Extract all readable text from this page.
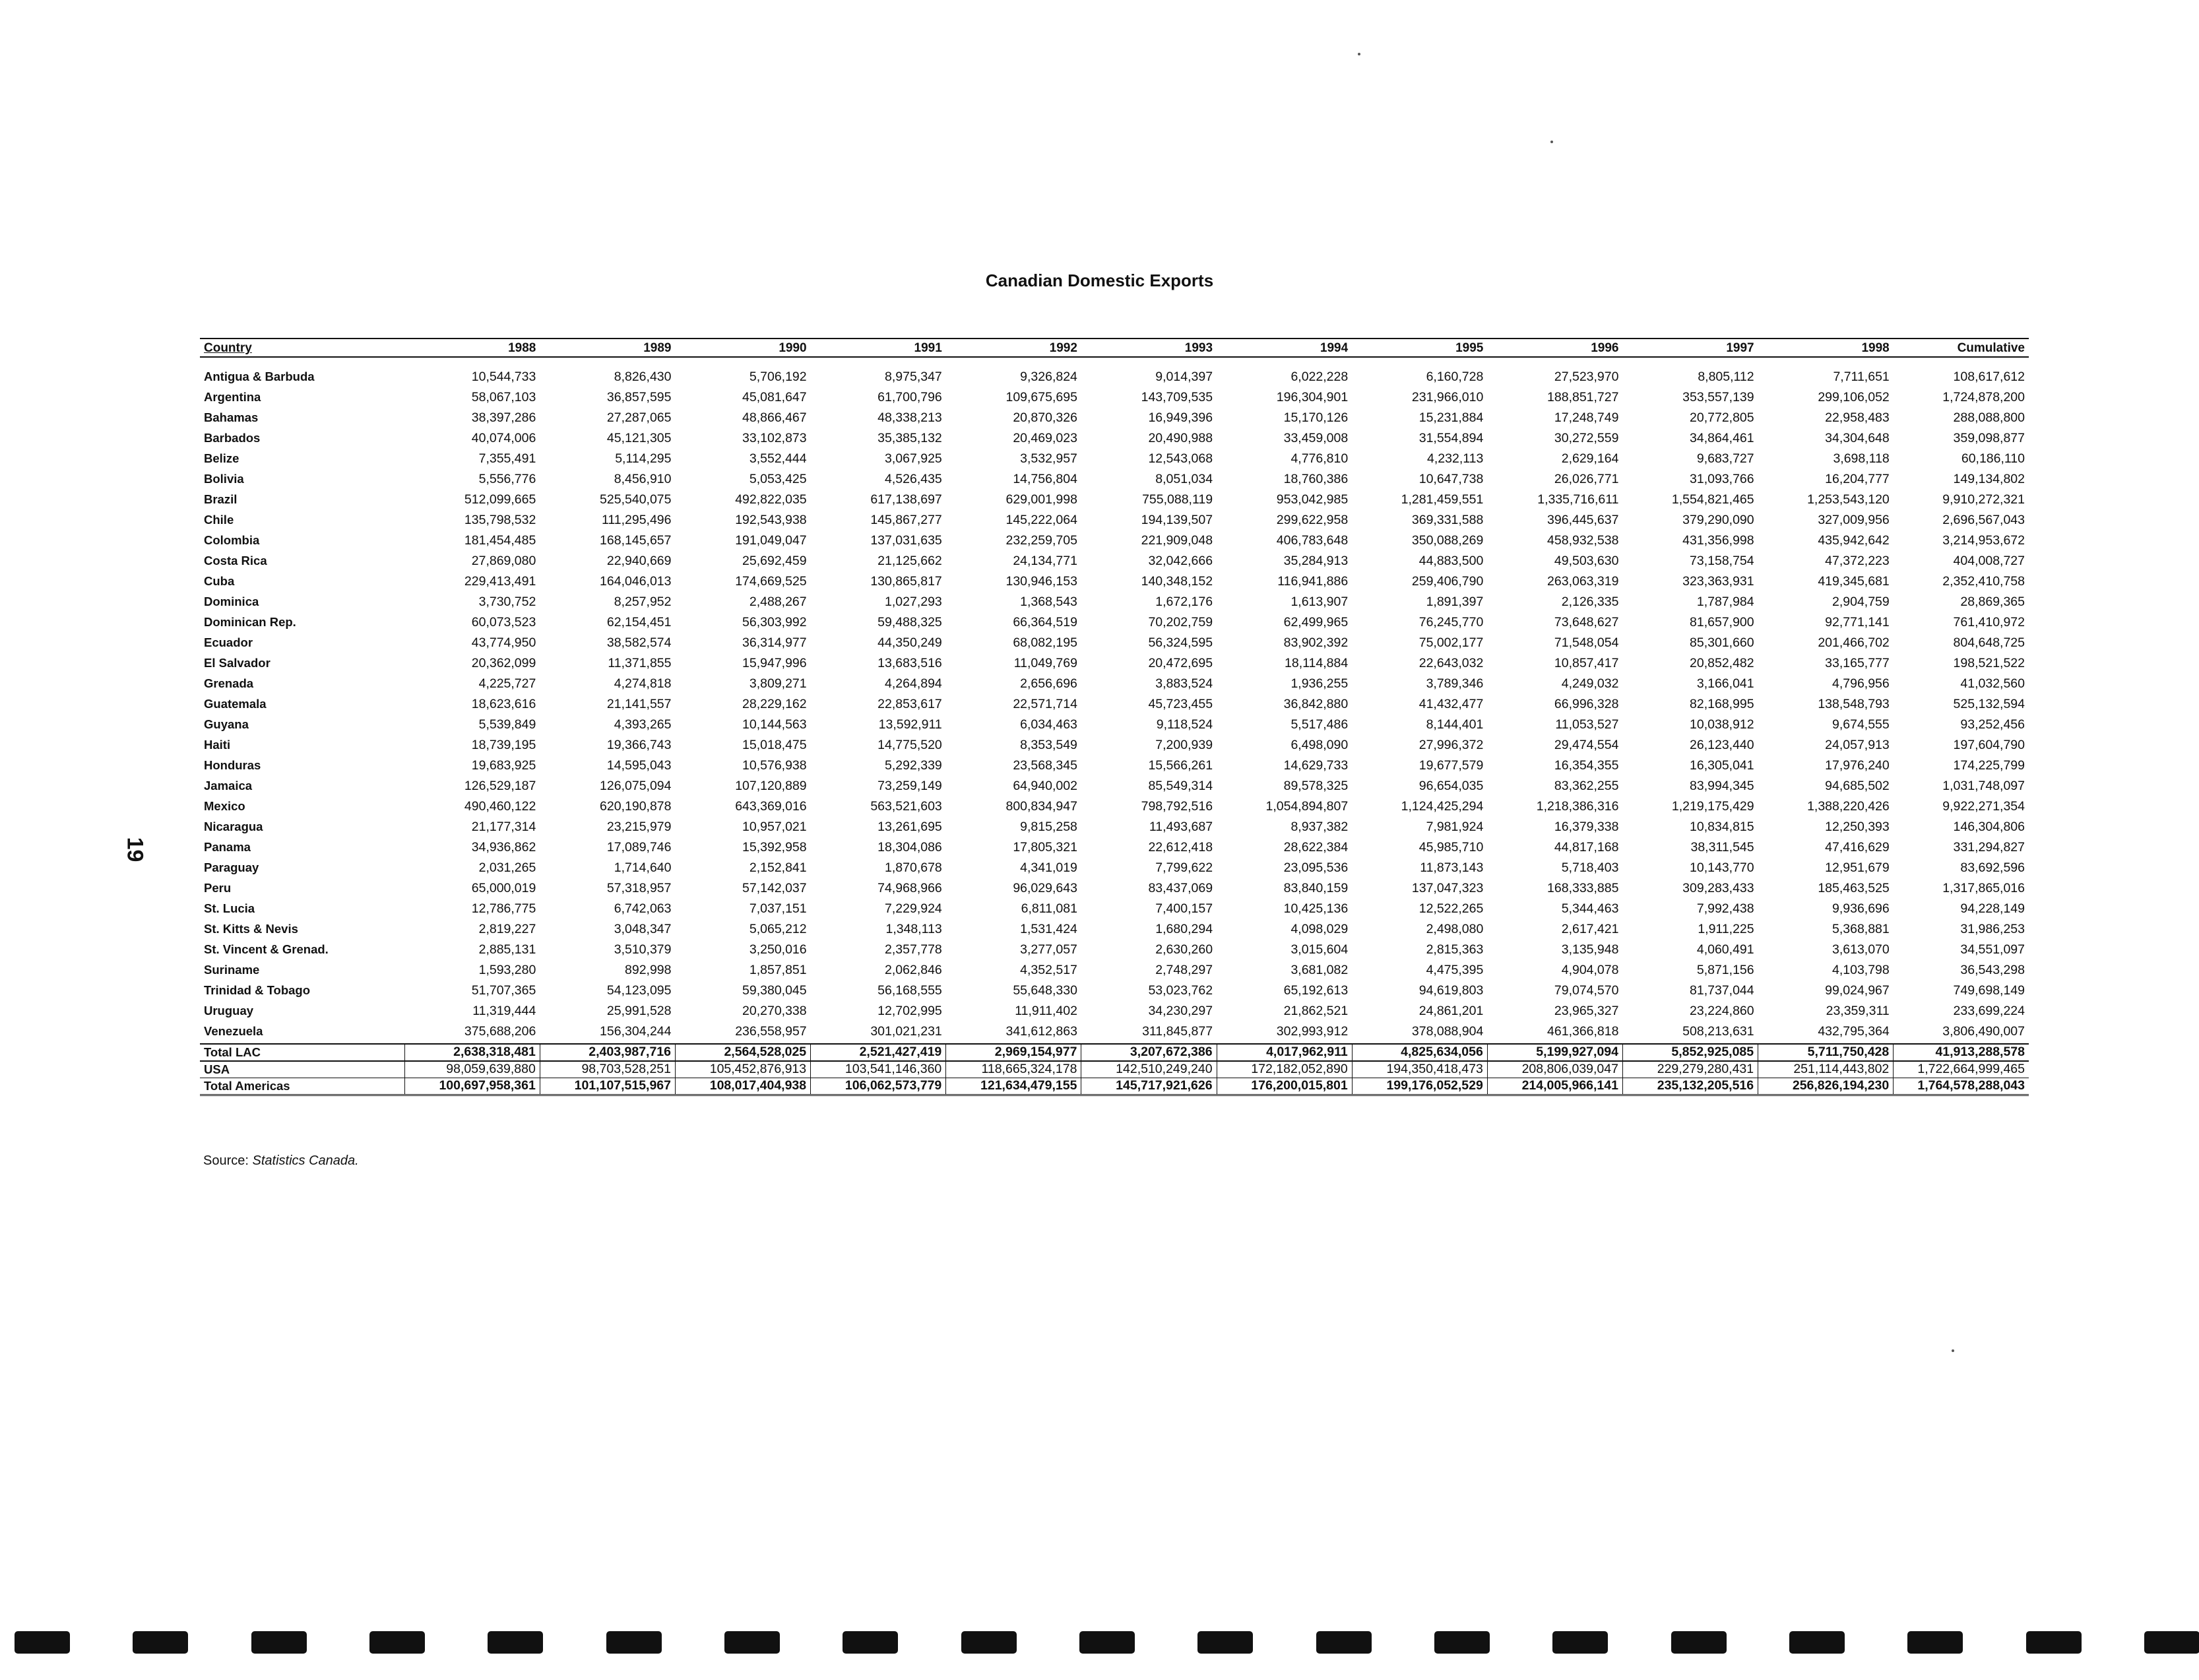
Canadian Domestic Exports
19
Country	1988	1989	1990	1991	1992	1993	1994	1995	1996	1997	1998	Cumulative
Antigua & Barbuda	10,544,733	8,826,430	5,706,192	8,975,347	9,326,824	9,014,397	6,022,228	6,160,728	27,523,970	8,805,112	7,711,651	108,617,612
Argentina	58,067,103	36,857,595	45,081,647	61,700,796	109,675,695	143,709,535	196,304,901	231,966,010	188,851,727	353,557,139	299,106,052	1,724,878,200
Bahamas	38,397,286	27,287,065	48,866,467	48,338,213	20,870,326	16,949,396	15,170,126	15,231,884	17,248,749	20,772,805	22,958,483	288,088,800
Barbados	40,074,006	45,121,305	33,102,873	35,385,132	20,469,023	20,490,988	33,459,008	31,554,894	30,272,559	34,864,461	34,304,648	359,098,877
Belize	7,355,491	5,114,295	3,552,444	3,067,925	3,532,957	12,543,068	4,776,810	4,232,113	2,629,164	9,683,727	3,698,118	60,186,110
Bolivia	5,556,776	8,456,910	5,053,425	4,526,435	14,756,804	8,051,034	18,760,386	10,647,738	26,026,771	31,093,766	16,204,777	149,134,802
Brazil	512,099,665	525,540,075	492,822,035	617,138,697	629,001,998	755,088,119	953,042,985	1,281,459,551	1,335,716,611	1,554,821,465	1,253,543,120	9,910,272,321
Chile	135,798,532	111,295,496	192,543,938	145,867,277	145,222,064	194,139,507	299,622,958	369,331,588	396,445,637	379,290,090	327,009,956	2,696,567,043
Colombia	181,454,485	168,145,657	191,049,047	137,031,635	232,259,705	221,909,048	406,783,648	350,088,269	458,932,538	431,356,998	435,942,642	3,214,953,672
Costa Rica	27,869,080	22,940,669	25,692,459	21,125,662	24,134,771	32,042,666	35,284,913	44,883,500	49,503,630	73,158,754	47,372,223	404,008,727
Cuba	229,413,491	164,046,013	174,669,525	130,865,817	130,946,153	140,348,152	116,941,886	259,406,790	263,063,319	323,363,931	419,345,681	2,352,410,758
Dominica	3,730,752	8,257,952	2,488,267	1,027,293	1,368,543	1,672,176	1,613,907	1,891,397	2,126,335	1,787,984	2,904,759	28,869,365
Dominican Rep.	60,073,523	62,154,451	56,303,992	59,488,325	66,364,519	70,202,759	62,499,965	76,245,770	73,648,627	81,657,900	92,771,141	761,410,972
Ecuador	43,774,950	38,582,574	36,314,977	44,350,249	68,082,195	56,324,595	83,902,392	75,002,177	71,548,054	85,301,660	201,466,702	804,648,725
El Salvador	20,362,099	11,371,855	15,947,996	13,683,516	11,049,769	20,472,695	18,114,884	22,643,032	10,857,417	20,852,482	33,165,777	198,521,522
Grenada	4,225,727	4,274,818	3,809,271	4,264,894	2,656,696	3,883,524	1,936,255	3,789,346	4,249,032	3,166,041	4,796,956	41,032,560
Guatemala	18,623,616	21,141,557	28,229,162	22,853,617	22,571,714	45,723,455	36,842,880	41,432,477	66,996,328	82,168,995	138,548,793	525,132,594
Guyana	5,539,849	4,393,265	10,144,563	13,592,911	6,034,463	9,118,524	5,517,486	8,144,401	11,053,527	10,038,912	9,674,555	93,252,456
Haiti	18,739,195	19,366,743	15,018,475	14,775,520	8,353,549	7,200,939	6,498,090	27,996,372	29,474,554	26,123,440	24,057,913	197,604,790
Honduras	19,683,925	14,595,043	10,576,938	5,292,339	23,568,345	15,566,261	14,629,733	19,677,579	16,354,355	16,305,041	17,976,240	174,225,799
Jamaica	126,529,187	126,075,094	107,120,889	73,259,149	64,940,002	85,549,314	89,578,325	96,654,035	83,362,255	83,994,345	94,685,502	1,031,748,097
Mexico	490,460,122	620,190,878	643,369,016	563,521,603	800,834,947	798,792,516	1,054,894,807	1,124,425,294	1,218,386,316	1,219,175,429	1,388,220,426	9,922,271,354
Nicaragua	21,177,314	23,215,979	10,957,021	13,261,695	9,815,258	11,493,687	8,937,382	7,981,924	16,379,338	10,834,815	12,250,393	146,304,806
Panama	34,936,862	17,089,746	15,392,958	18,304,086	17,805,321	22,612,418	28,622,384	45,985,710	44,817,168	38,311,545	47,416,629	331,294,827
Paraguay	2,031,265	1,714,640	2,152,841	1,870,678	4,341,019	7,799,622	23,095,536	11,873,143	5,718,403	10,143,770	12,951,679	83,692,596
Peru	65,000,019	57,318,957	57,142,037	74,968,966	96,029,643	83,437,069	83,840,159	137,047,323	168,333,885	309,283,433	185,463,525	1,317,865,016
St. Lucia	12,786,775	6,742,063	7,037,151	7,229,924	6,811,081	7,400,157	10,425,136	12,522,265	5,344,463	7,992,438	9,936,696	94,228,149
St. Kitts & Nevis	2,819,227	3,048,347	5,065,212	1,348,113	1,531,424	1,680,294	4,098,029	2,498,080	2,617,421	1,911,225	5,368,881	31,986,253
St. Vincent & Grenad.	2,885,131	3,510,379	3,250,016	2,357,778	3,277,057	2,630,260	3,015,604	2,815,363	3,135,948	4,060,491	3,613,070	34,551,097
Suriname	1,593,280	892,998	1,857,851	2,062,846	4,352,517	2,748,297	3,681,082	4,475,395	4,904,078	5,871,156	4,103,798	36,543,298
Trinidad & Tobago	51,707,365	54,123,095	59,380,045	56,168,555	55,648,330	53,023,762	65,192,613	94,619,803	79,074,570	81,737,044	99,024,967	749,698,149
Uruguay	11,319,444	25,991,528	20,270,338	12,702,995	11,911,402	34,230,297	21,862,521	24,861,201	23,965,327	23,224,860	23,359,311	233,699,224
Venezuela	375,688,206	156,304,244	236,558,957	301,021,231	341,612,863	311,845,877	302,993,912	378,088,904	461,366,818	508,213,631	432,795,364	3,806,490,007
Total LAC	2,638,318,481	2,403,987,716	2,564,528,025	2,521,427,419	2,969,154,977	3,207,672,386	4,017,962,911	4,825,634,056	5,199,927,094	5,852,925,085	5,711,750,428	41,913,288,578
USA	98,059,639,880	98,703,528,251	105,452,876,913	103,541,146,360	118,665,324,178	142,510,249,240	172,182,052,890	194,350,418,473	208,806,039,047	229,279,280,431	251,114,443,802	1,722,664,999,465
Total Americas	100,697,958,361	101,107,515,967	108,017,404,938	106,062,573,779	121,634,479,155	145,717,921,626	176,200,015,801	199,176,052,529	214,005,966,141	235,132,205,516	256,826,194,230	1,764,578,288,043
Source: Statistics Canada.
